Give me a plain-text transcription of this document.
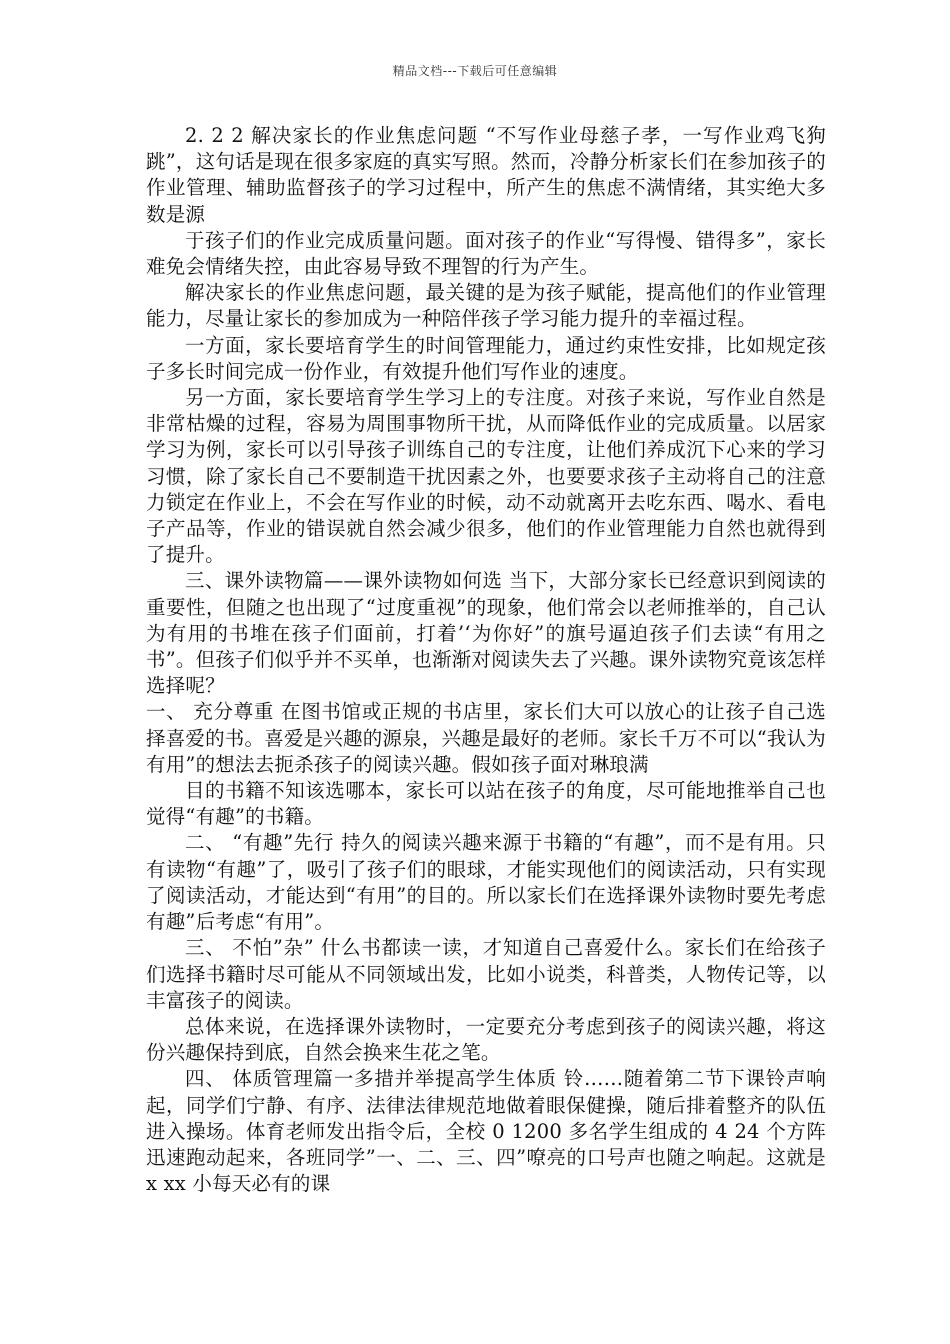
精品文档---下载后可任意编辑

2. 2 2 解决家长的作业焦虑问题 “不写作业母慈子孝，一写作业鸡飞狗跳”，这句话是现在很多家庭的真实写照。然而，冷静分析家长们在参加孩子的作业管理、辅助监督孩子的学习过程中，所产生的焦虑不满情绪，其实绝大多数是源

于孩子们的作业完成质量问题。面对孩子的作业“写得慢、错得多”，家长难免会情绪失控，由此容易导致不理智的行为产生。

解决家长的作业焦虑问题，最关键的是为孩子赋能，提高他们的作业管理能力，尽量让家长的参加成为一种陪伴孩子学习能力提升的幸福过程。

一方面，家长要培育学生的时间管理能力，通过约束性安排，比如规定孩子多长时间完成一份作业，有效提升他们写作业的速度。

另一方面，家长要培育学生学习上的专注度。对孩子来说，写作业自然是非常枯燥的过程，容易为周围事物所干扰，从而降低作业的完成质量。以居家学习为例，家长可以引导孩子训练自己的专注度，让他们养成沉下心来的学习习惯，除了家长自己不要制造干扰因素之外，也要要求孩子主动将自己的注意力锁定在作业上，不会在写作业的时候，动不动就离开去吃东西、喝水、看电子产品等，作业的错误就自然会减少很多，他们的作业管理能力自然也就得到了提升。

三、课外读物篇——课外读物如何选 当下，大部分家长已经意识到阅读的重要性，但随之也出现了“过度重视”的现象，他们常会以老师推举的，自己认为有用的书堆在孩子们面前，打着’‘为你好”的旗号逼迫孩子们去读“有用之书”。但孩子们似乎并不买单，也渐渐对阅读失去了兴趣。课外读物究竟该怎样选择呢？

一、 充分尊重 在图书馆或正规的书店里，家长们大可以放心的让孩子自己选择喜爱的书。喜爱是兴趣的源泉，兴趣是最好的老师。家长千万不可以“我认为有用”的想法去扼杀孩子的阅读兴趣。假如孩子面对琳琅满

目的书籍不知该选哪本，家长可以站在孩子的角度，尽可能地推举自己也觉得“有趣”的书籍。

二、 “有趣”先行 持久的阅读兴趣来源于书籍的“有趣”，而不是有用。只有读物“有趣”了，吸引了孩子们的眼球，才能实现他们的阅读活动，只有实现了阅读活动，才能达到“有用”的目的。所以家长们在选择课外读物时要先考虑有趣”后考虑“有用”。

三、 不怕”杂” 什么书都读一读，才知道自己喜爱什么。家长们在给孩子们选择书籍时尽可能从不同领域出发，比如小说类，科普类，人物传记等，以丰富孩子的阅读。

总体来说，在选择课外读物时，一定要充分考虑到孩子的阅读兴趣，将这份兴趣保持到底，自然会换来生花之笔。

四、 体质管理篇一多措并举提高学生体质 铃……随着第二节下课铃声响起，同学们宁静、有序、法律法律规范地做着眼保健操，随后排着整齐的队伍进入操场。体育老师发出指令后，全校 0 1200 多名学生组成的 4 24 个方阵迅速跑动起来，各班同学”一、二、三、四”嘹亮的口号声也随之响起。这就是 x xx 小每天必有的课
